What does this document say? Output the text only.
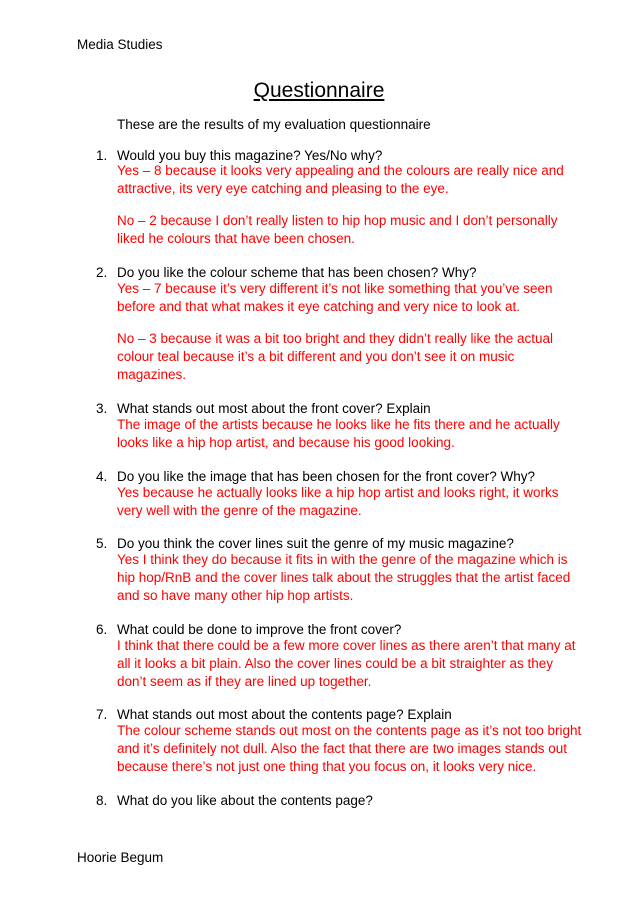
Media Studies
Questionnaire
These are the results of my evaluation questionnaire
1. Would you buy this magazine? Yes/No why?
Yes – 8 because it looks very appealing and the colours are really nice and
attractive, its very eye catching and pleasing to the eye.
No – 2 because I don’t really listen to hip hop music and I don’t personally
liked he colours that have been chosen.
2. Do you like the colour scheme that has been chosen? Why?
Yes – 7 because it’s very different it’s not like something that you’ve seen
before and that what makes it eye catching and very nice to look at.
No – 3 because it was a bit too bright and they didn’t really like the actual
colour teal because it’s a bit different and you don’t see it on music
magazines.
3. What stands out most about the front cover? Explain
The image of the artists because he looks like he fits there and he actually
looks like a hip hop artist, and because his good looking.
4. Do you like the image that has been chosen for the front cover? Why?
Yes because he actually looks like a hip hop artist and looks right, it works
very well with the genre of the magazine.
5. Do you think the cover lines suit the genre of my music magazine?
Yes I think they do because it fits in with the genre of the magazine which is
hip hop/RnB and the cover lines talk about the struggles that the artist faced
and so have many other hip hop artists.
6. What could be done to improve the front cover?
I think that there could be a few more cover lines as there aren’t that many at
all it looks a bit plain. Also the cover lines could be a bit straighter as they
don’t seem as if they are lined up together.
7. What stands out most about the contents page? Explain
The colour scheme stands out most on the contents page as it’s not too bright
and it’s definitely not dull. Also the fact that there are two images stands out
because there’s not just one thing that you focus on, it looks very nice.
8. What do you like about the contents page?
Hoorie Begum
